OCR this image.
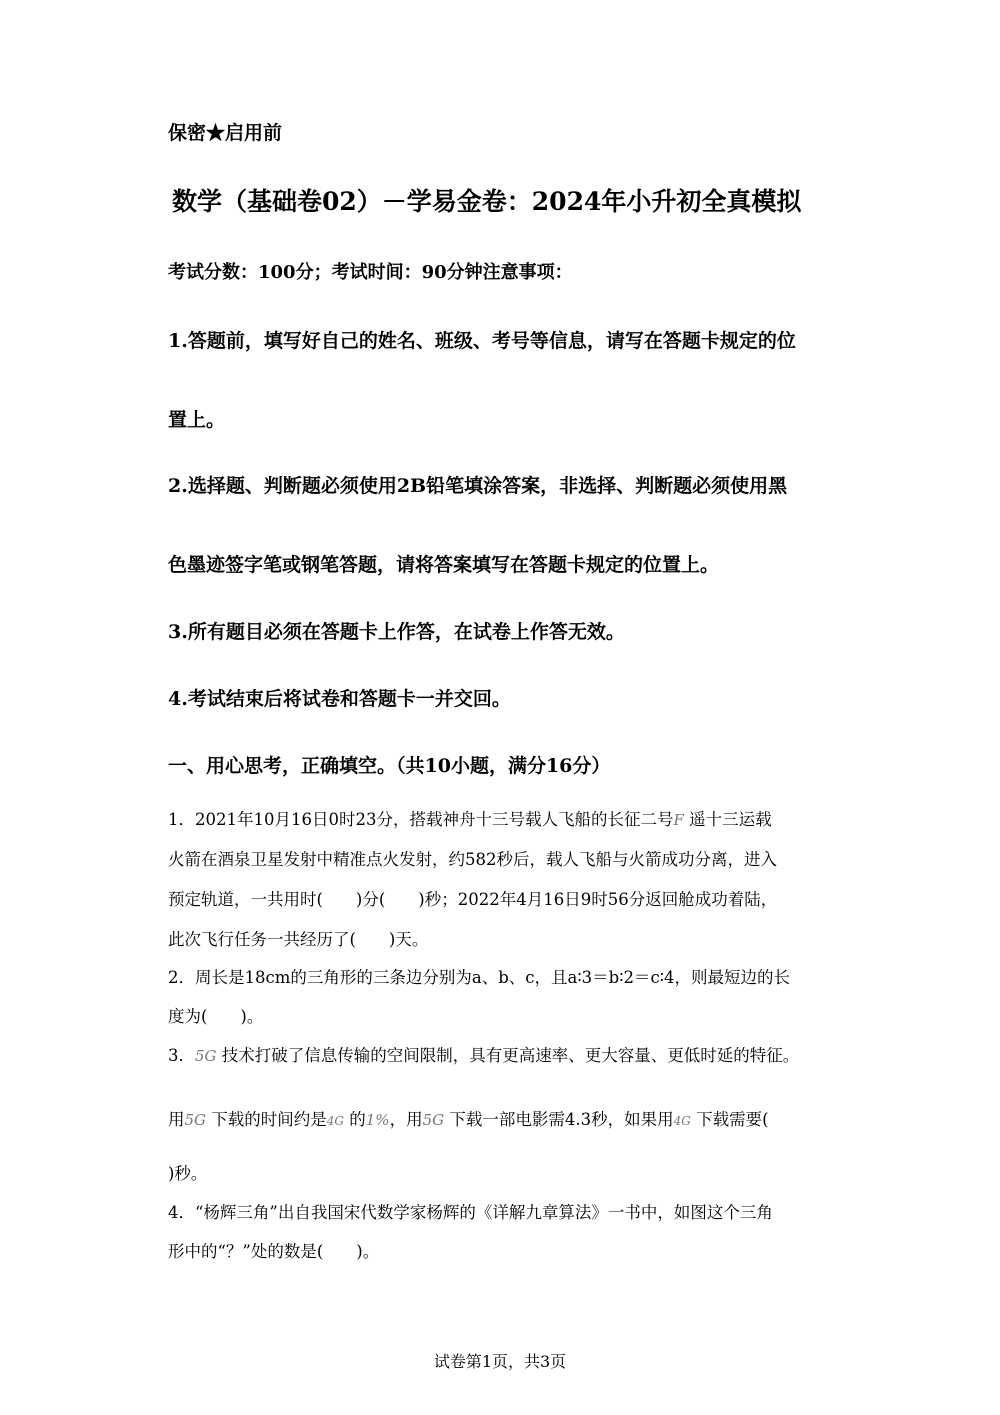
保密★启用前
数学（基础卷02）－学易金卷：2024年小升初全真模拟
考试分数：100分；考试时间：90分钟注意事项：
1.答题前，填写好自己的姓名、班级、考号等信息，请写在答题卡规定的位
置上。
2.选择题、判断题必须使用2B铅笔填涂答案，非选择、判断题必须使用黑
色墨迹签字笔或钢笔答题，请将答案填写在答题卡规定的位置上。
3.所有题目必须在答题卡上作答，在试卷上作答无效。
4.考试结束后将试卷和答题卡一并交回。
一、用心思考，正确填空。（共10小题，满分16分）
1．2021年10月16日0时23分，搭载神舟十三号载人飞船的长征二号F 遥十三运载
火箭在酒泉卫星发射中精准点火发射，约582秒后，载人飞船与火箭成功分离，进入
预定轨道，一共用时(　　)分(　　)秒；2022年4月16日9时56分返回舱成功着陆，
此次飞行任务一共经历了(　　)天。
2．周长是18cm的三角形的三条边分别为a、b、c，且a∶3＝b∶2＝c∶4，则最短边的长
度为(　　)。
3．5G 技术打破了信息传输的空间限制，具有更高速率、更大容量、更低时延的特征。
用5G 下载的时间约是4G 的1%，用5G 下载一部电影需4.3秒，如果用4G 下载需要(
)秒。
4．“杨辉三角”出自我国宋代数学家杨辉的《详解九章算法》一书中，如图这个三角
形中的“？”处的数是(　　)。
试卷第1页，共3页
